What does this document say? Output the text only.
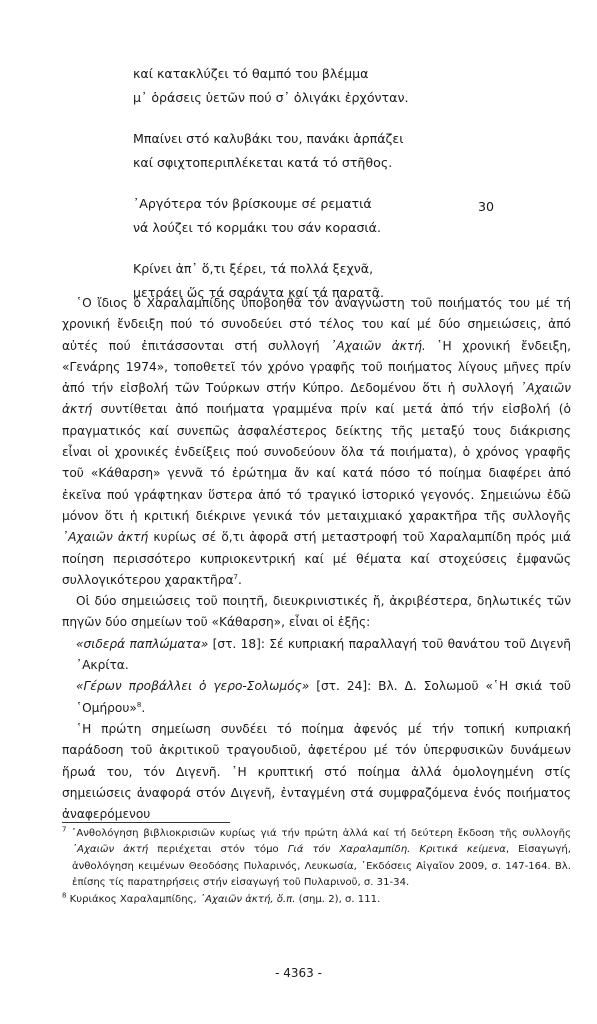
καί κατακλύζει τό θαμπό του βλέμμα
μ᾿ ὁράσεις ὑετῶν πού σ᾿ ὀλιγάκι ἐρχόνταν.
Μπαίνει στό καλυβάκι του, πανάκι ἁρπάζει
καί σφιχτοπεριπλέκεται κατά τό στῆθος.
᾿Αργότερα τόν βρίσκουμε σέ ρεματιά
νά λούζει τό κορμάκι του σάν κορασιά.
Κρίνει ἀπ᾿ ὅ,τι ξέρει, τά πολλά ξεχνᾶ,
μετράει ὥς τά σαράντα καί τά παρατᾶ.
30

῾Ο ἴδιος ὁ Χαραλαμπίδης ὑποβοηθᾶ τόν ἀναγνώστη τοῦ ποιήματός του μέ τή χρονική ἔνδειξη πού τό συνοδεύει στό τέλος του καί μέ δύο σημειώσεις, ἀπό αὐτές πού ἐπιτάσσονται στή συλλογή ᾿Αχαιῶν ἀκτή. ῾Η χρονική ἔνδειξη, «Γενάρης 1974», τοποθετεῖ τόν χρόνο γραφῆς τοῦ ποιήματος λίγους μῆνες πρίν ἀπό τήν εἰσβολή τῶν Τούρκων στήν Κύπρο. Δεδομένου ὅτι ἡ συλλογή ᾿Αχαιῶν ἀκτή συντίθεται ἀπό ποιήματα γραμμένα πρίν καί μετά ἀπό τήν εἰσβολή (ὁ πραγματικός καί συνεπῶς ἀσφαλέστερος δείκτης τῆς μεταξύ τους διάκρισης εἶναι οἱ χρονικές ἐνδείξεις πού συνοδεύουν ὅλα τά ποιήματα), ὁ χρόνος γραφῆς τοῦ «Κάθαρση» γεννᾶ τό ἐρώτημα ἄν καί κατά πόσο τό ποίημα διαφέρει ἀπό ἐκεῖνα πού γράφτηκαν ὕστερα ἀπό τό τραγικό ἱστορικό γεγονός. Σημειώνω ἐδῶ μόνον ὅτι ἡ κριτική διέκρινε γενικά τόν μεταιχμιακό χαρακτῆρα τῆς συλλογῆς ᾿Αχαιῶν ἀκτή κυρίως σέ ὅ,τι ἀφορᾶ στή μεταστροφή τοῦ Χαραλαμπίδη πρός μιά ποίηση περισσότερο κυπριοκεντρική καί μέ θέματα καί στοχεύσεις ἐμφανῶς συλλογικότερου χαρακτῆρα$^7$.

Οἱ δύο σημειώσεις τοῦ ποιητῆ, διευκρινιστικές ἤ, ἀκριβέστερα, δηλωτικές τῶν πηγῶν δύο σημείων τοῦ «Κάθαρση», εἶναι οἱ ἑξῆς:

«σιδερά παπλώματα» [στ. 18]: Σέ κυπριακή παραλλαγή τοῦ θανάτου τοῦ Διγενῆ ᾿Ακρίτα.

«Γέρων προβάλλει ὁ γερο-Σολωμός» [στ. 24]: Βλ. Δ. Σολωμοῦ «῾Η σκιά τοῦ ῾Ομήρου»$^8$.

῾Η πρώτη σημείωση συνδέει τό ποίημα ἀφενός μέ τήν τοπική κυπριακή παράδοση τοῦ ἀκριτικοῦ τραγουδιοῦ, ἀφετέρου μέ τόν ὑπερφυσικῶν δυνάμεων ἥρωά του, τόν Διγενῆ. ῾Η κρυπτική στό ποίημα ἀλλά ὁμολογημένη στίς σημειώσεις ἀναφορά στόν Διγενῆ, ἐνταγμένη στά συμφραζόμενα ἑνός ποιήματος ἀναφερόμενου

$^7$ ᾿Ανθολόγηση βιβλιοκρισιῶν κυρίως γιά τήν πρώτη ἀλλά καί τή δεύτερη ἔκδοση τῆς συλλογῆς ᾿Αχαιῶν ἀκτή περιέχεται στόν τόμο Γιά τόν Χαραλαμπίδη. Κριτικά κείμενα, Εἰσαγωγή, ἀνθολόγηση κειμένων Θεοδόσης Πυλαρινός, Λευκωσία, ᾿Εκδόσεις Αἰγαῖον 2009, σ. 147-164. Βλ. ἐπίσης τίς παρατηρήσεις στήν εἰσαγωγή τοῦ Πυλαρινοῦ, σ. 31-34.

$^8$ Κυριάκος Χαραλαμπίδης, ᾿Αχαιῶν ἀκτή, ὅ.π. (σημ. 2), σ. 111.

- 4363 -
